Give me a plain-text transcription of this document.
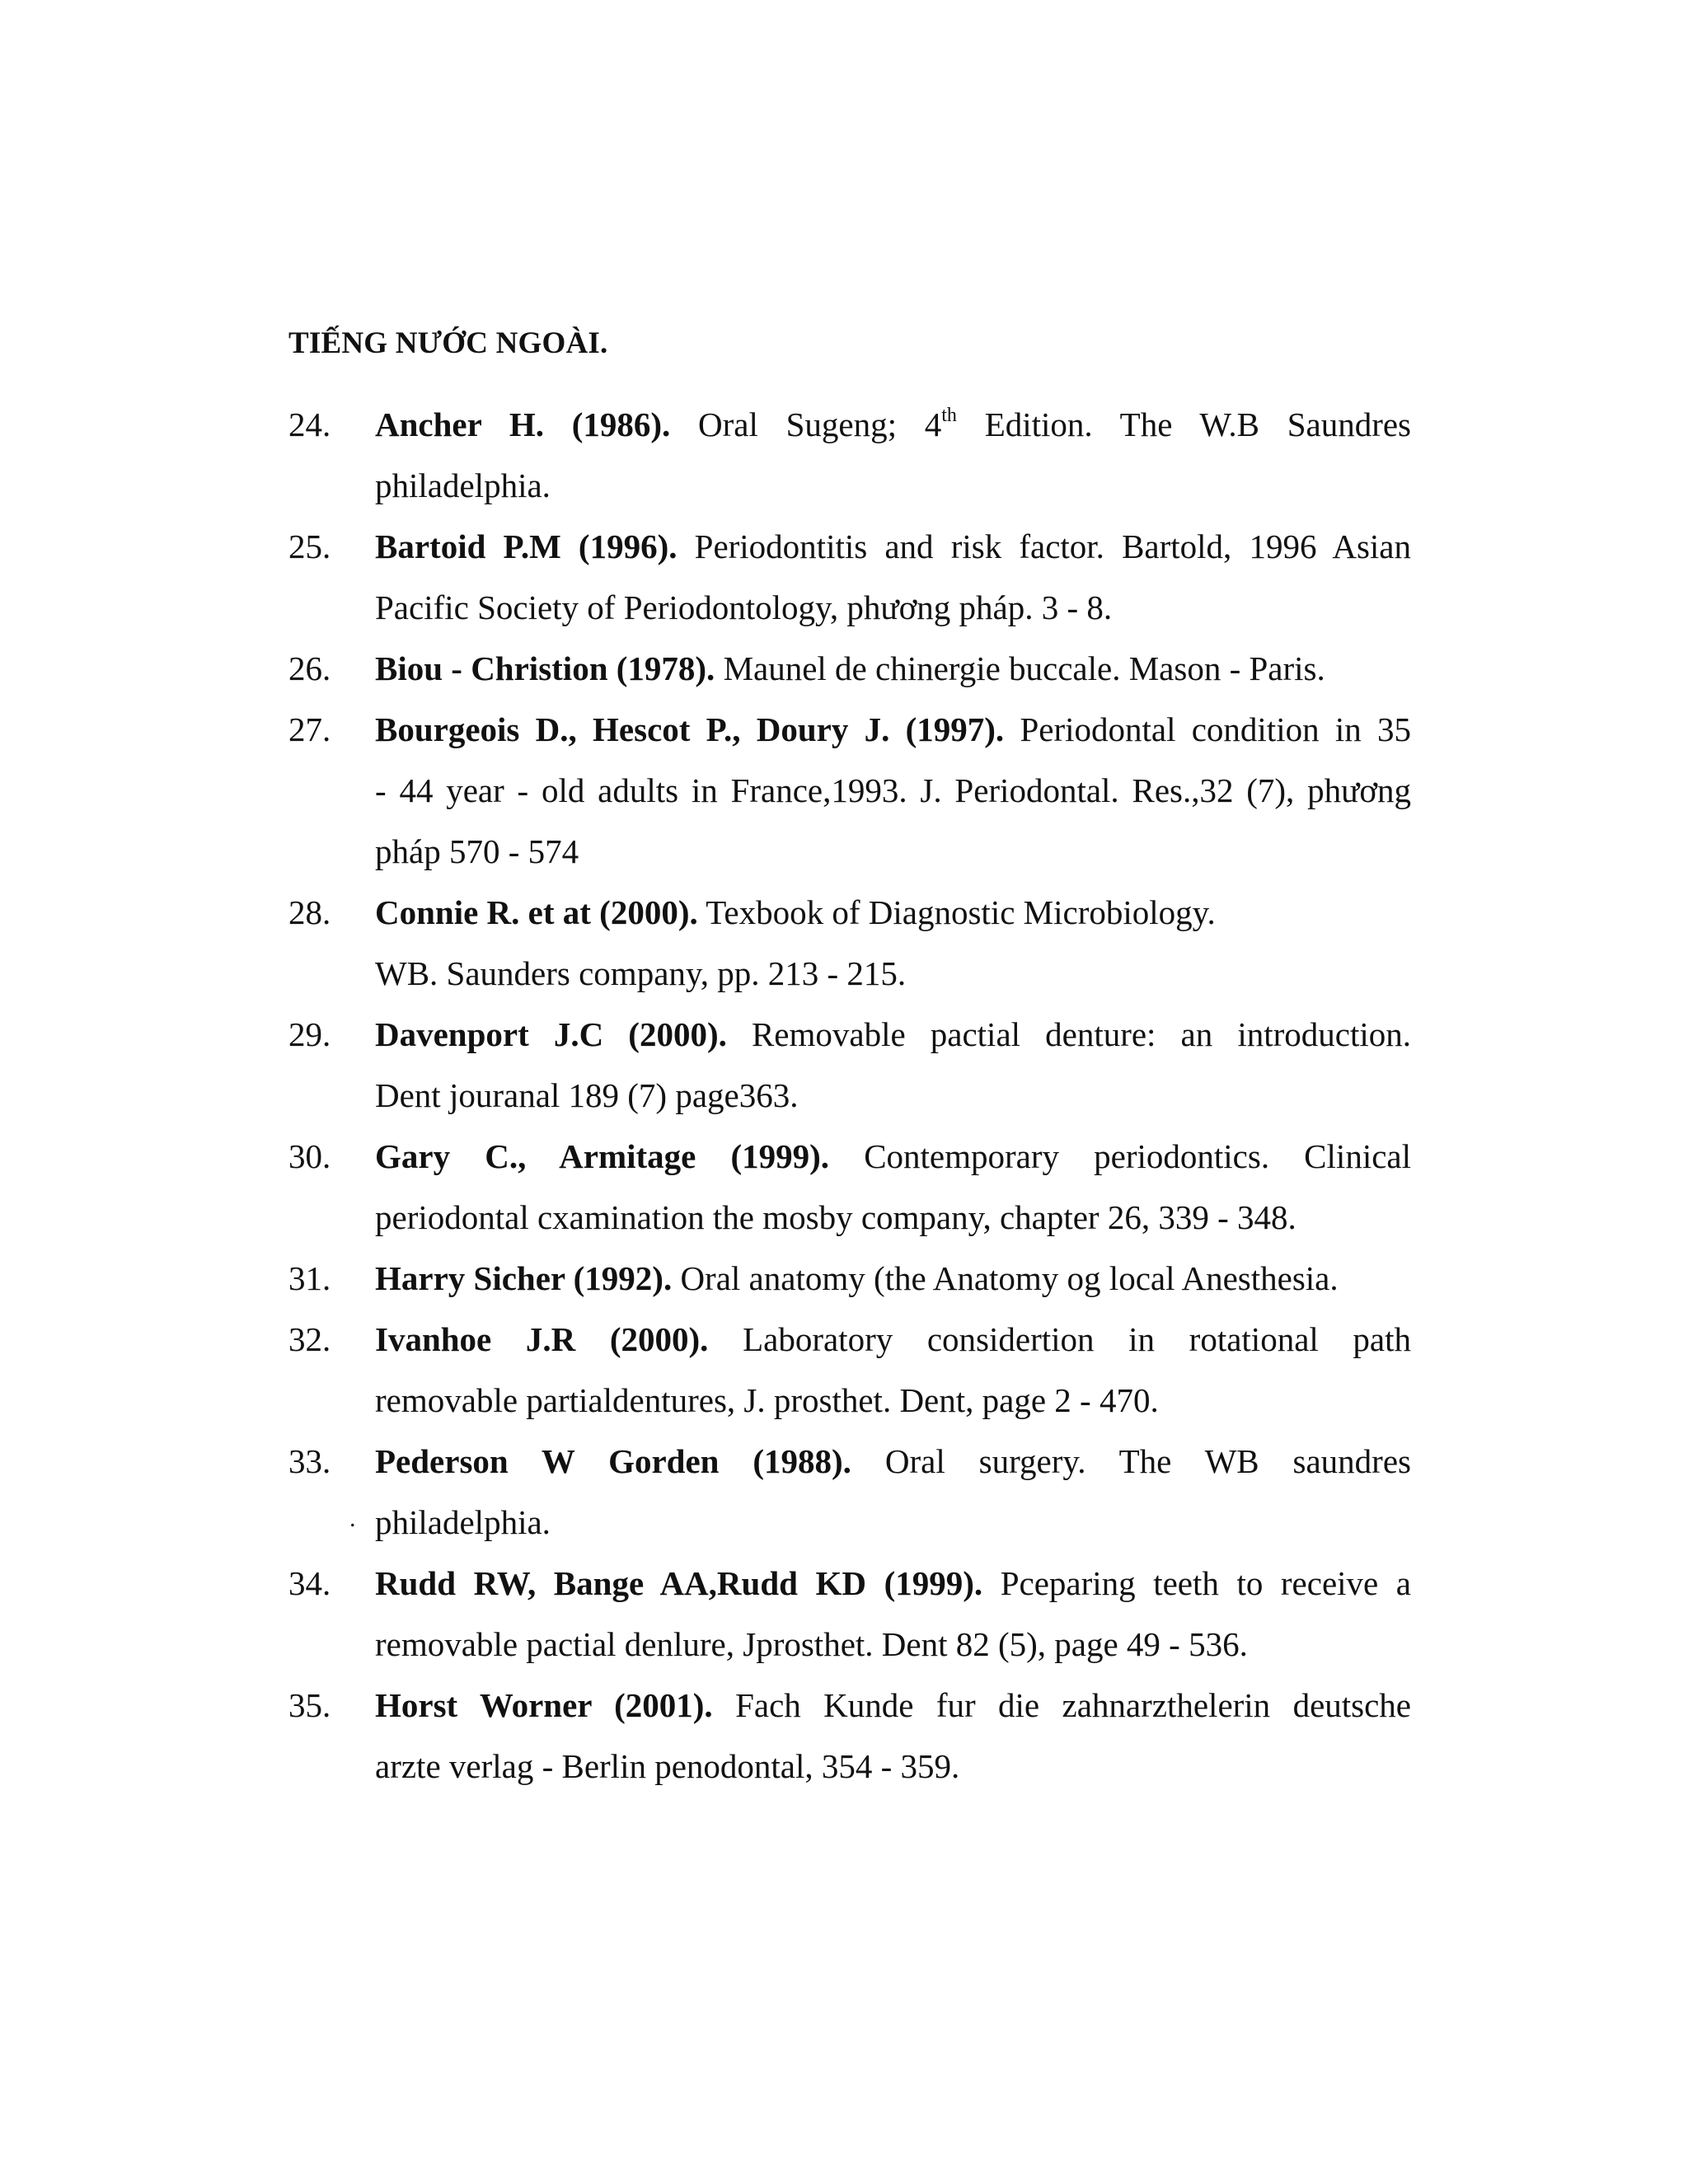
TIẾNG NƯỚC NGOÀI.
24. Ancher H. (1986). Oral Sugeng; 4th Edition. The W.B Saundres
philadelphia.
25. Bartoid P.M (1996). Periodontitis and risk factor. Bartold, 1996 Asian
Pacific Society of Periodontology, phương pháp. 3 - 8.
26. Biou - Christion (1978). Maunel de chinergie buccale. Mason - Paris.
27. Bourgeois D., Hescot P., Doury J. (1997). Periodontal condition in 35
- 44 year - old adults in France,1993. J. Periodontal. Res.,32 (7), phương
pháp 570 - 574
28. Connie R. et at (2000). Texbook of Diagnostic Microbiology.
WB. Saunders company, pp. 213 - 215.
29. Davenport J.C (2000). Removable pactial denture: an introduction.
Dent jouranal 189 (7) page363.
30. Gary C., Armitage (1999). Contemporary periodontics. Clinical
periodontal cxamination the mosby company, chapter 26, 339 - 348.
31. Harry Sicher (1992). Oral anatomy (the Anatomy og local Anesthesia.
32. Ivanhoe J.R (2000). Laboratory considertion in rotational path
removable partialdentures, J. prosthet. Dent, page 2 - 470.
33.
.
Pederson W Gorden (1988). Oral surgery. The WB saundres
philadelphia.
34. Rudd RW, Bange AA,Rudd KD (1999). Pceparing teeth to receive a
removable pactial denlure, Jprosthet. Dent 82 (5), page 49 - 536.
35. Horst Worner (2001). Fach Kunde fur die zahnarzthelerin deutsche
arzte verlag - Berlin penodontal, 354 - 359.
